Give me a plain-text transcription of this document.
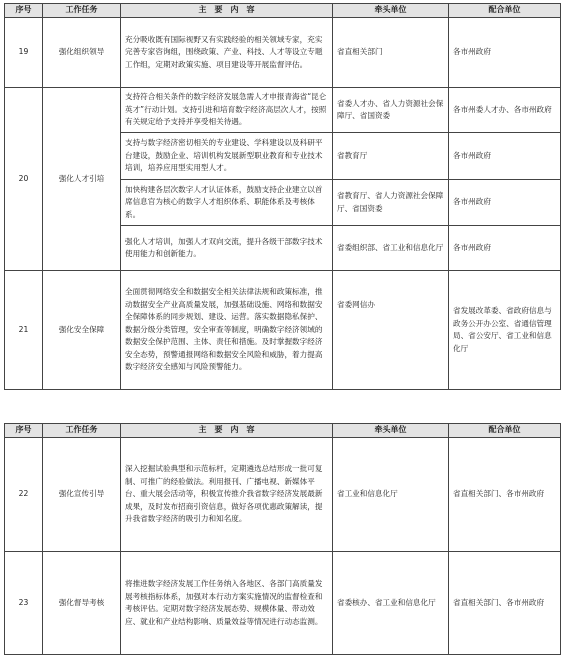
序号	工作任务	主　要　内　容	牵头单位	配合单位
19	强化组织领导	充分吸收既有国际视野又有实践经验的相关领域专家，充实完善专家咨询组，围绕政策、产业、科技、人才等设立专题工作组，定期对政策实施、项目建设等开展监督评估。	省直相关部门	各市州政府
20	强化人才引培	支持符合相关条件的数字经济发展急需人才申报青海省“昆仑英才”行动计划。支持引进和培育数字经济高层次人才，按照有关规定给予支持并享受相关待遇。	省委人才办、省人力资源社会保障厅、省国资委	各市州委人才办、各市州政府
		支持与数字经济密切相关的专业建设、学科建设以及科研平台建设，鼓励企业、培训机构发展新型职业教育和专业技术培训，培养应用型实用型人才。	省教育厅	各市州政府
		加快构建各层次数字人才认证体系，鼓励支持企业建立以首席信息官为核心的数字人才组织体系、职能体系及考核体系。	省教育厅、省人力资源社会保障厅、省国资委	各市州政府
		强化人才培训，加强人才双向交流，提升各级干部数字技术使用能力和创新能力。	省委组织部、省工业和信息化厅	各市州政府
21	强化安全保障	全面贯彻网络安全和数据安全相关法律法规和政策标准，推动数据安全产业高质量发展，加强基础设施、网络和数据安全保障体系的同步规划、建设、运营。落实数据隐私保护、数据分级分类管理，安全审查等制度，明确数字经济领域的数据安全保护范围、主体、责任和措施。及时掌握数字经济安全态势，预警通报网络和数据安全风险和威胁，着力提高数字经济安全感知与风险预警能力。	省委网信办	省发展改革委、省政府信息与政务公开办公室、省通信管理局、省公安厅、省工业和信息化厅
序号	工作任务	主　要　内　容	牵头单位	配合单位
22	强化宣传引导	深入挖掘试验典型和示范标杆，定期遴选总结形成一批可复制、可推广的经验做法。利用报刊、广播电视、新媒体平台、重大展会活动等，积极宣传推介我省数字经济发展最新成果，及时发布招商引资信息，做好各项优惠政策解读，提升我省数字经济的吸引力和知名度。	省工业和信息化厅	省直相关部门、各市州政府
23	强化督导考核	将推进数字经济发展工作任务纳入各地区、各部门高质量发展考核指标体系，加强对本行动方案实施情况的监督检查和考核评估。定期对数字经济发展态势、规模体量、带动效应、就业和产业结构影响、质量效益等情况进行动态监测。	省委核办、省工业和信息化厅	省直相关部门、各市州政府
